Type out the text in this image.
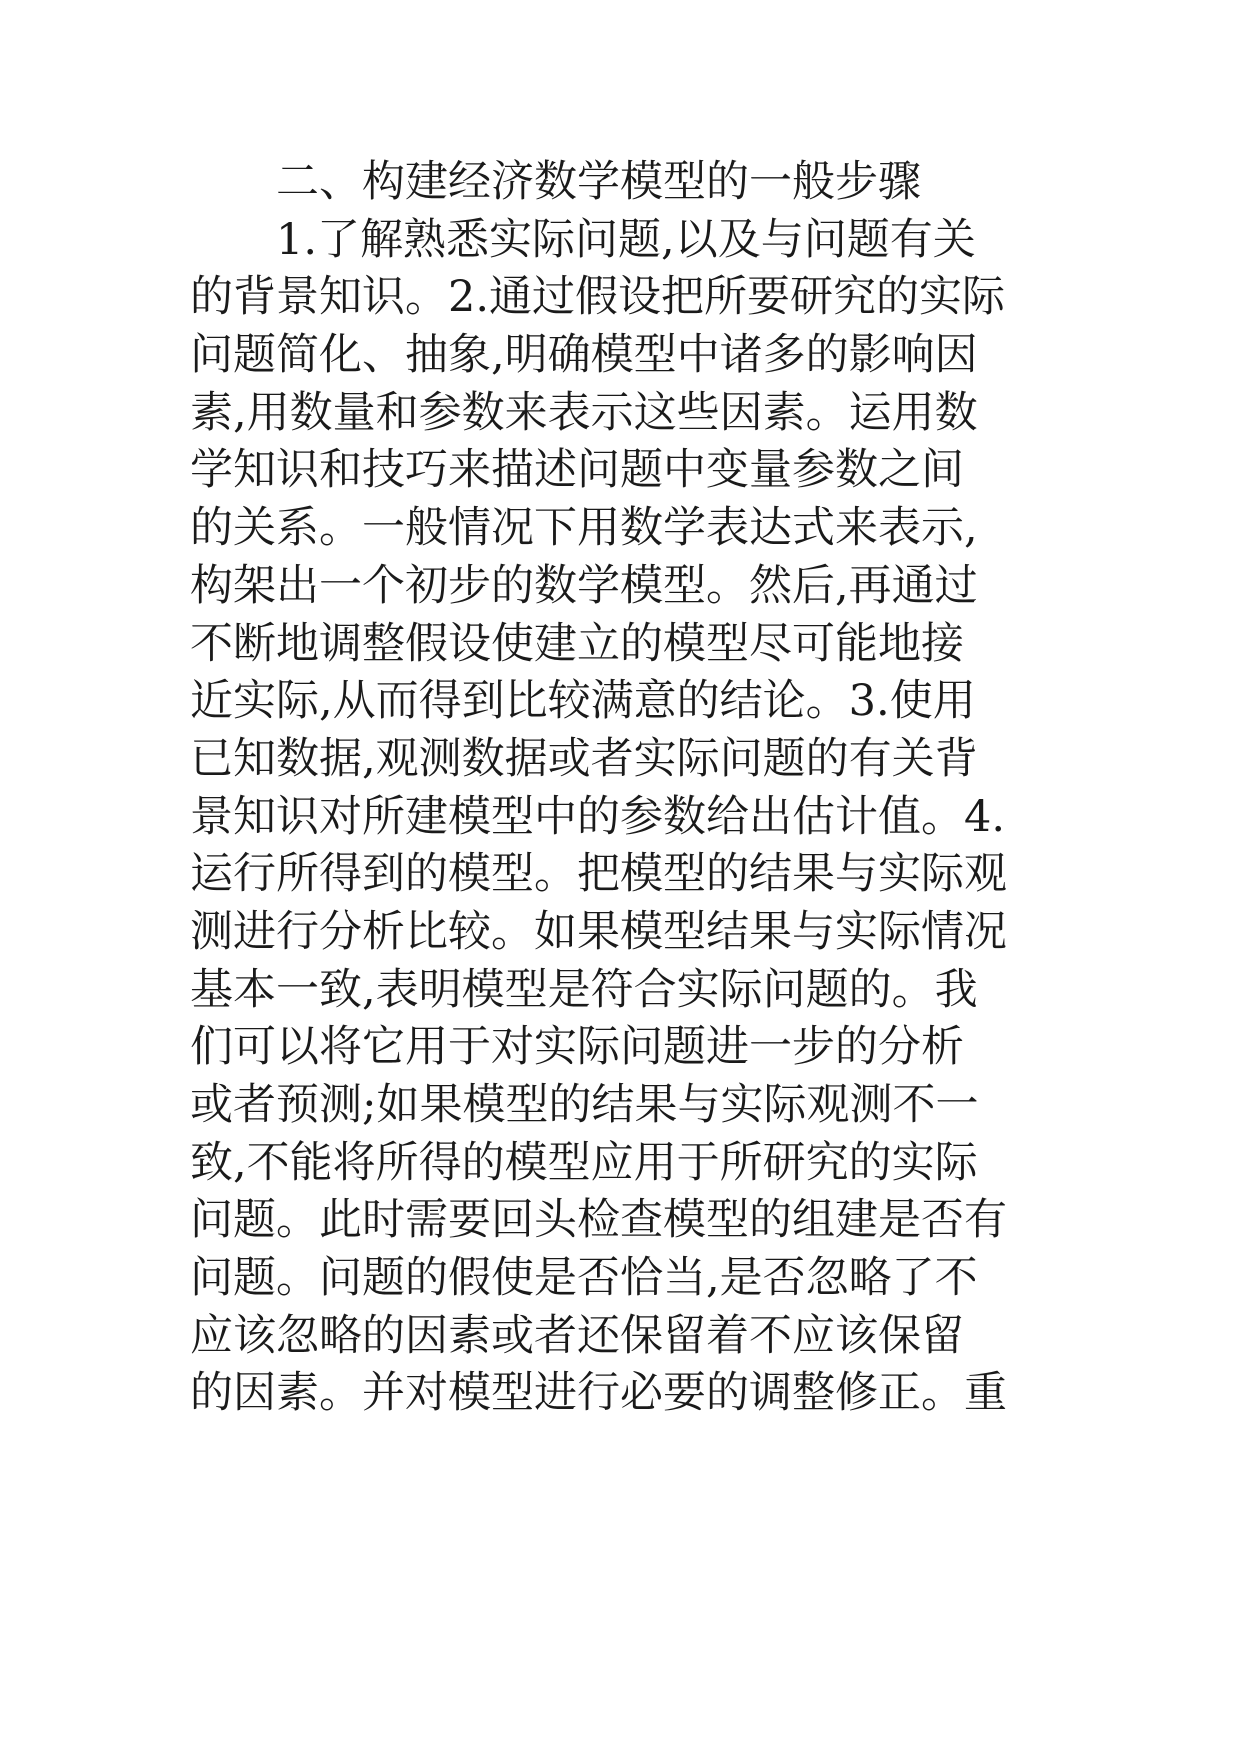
二、构建经济数学模型的一般步骤
1.了解熟悉实际问题,以及与问题有关
的背景知识。2.通过假设把所要研究的实际
问题简化、抽象,明确模型中诸多的影响因
素,用数量和参数来表示这些因素。运用数
学知识和技巧来描述问题中变量参数之间
的关系。一般情况下用数学表达式来表示,
构架出一个初步的数学模型。然后,再通过
不断地调整假设使建立的模型尽可能地接
近实际,从而得到比较满意的结论。3.使用
已知数据,观测数据或者实际问题的有关背
景知识对所建模型中的参数给出估计值。4.
运行所得到的模型。把模型的结果与实际观
测进行分析比较。如果模型结果与实际情况
基本一致,表明模型是符合实际问题的。我
们可以将它用于对实际问题进一步的分析
或者预测;如果模型的结果与实际观测不一
致,不能将所得的模型应用于所研究的实际
问题。此时需要回头检查模型的组建是否有
问题。问题的假使是否恰当,是否忽略了不
应该忽略的因素或者还保留着不应该保留
的因素。并对模型进行必要的调整修正。重
